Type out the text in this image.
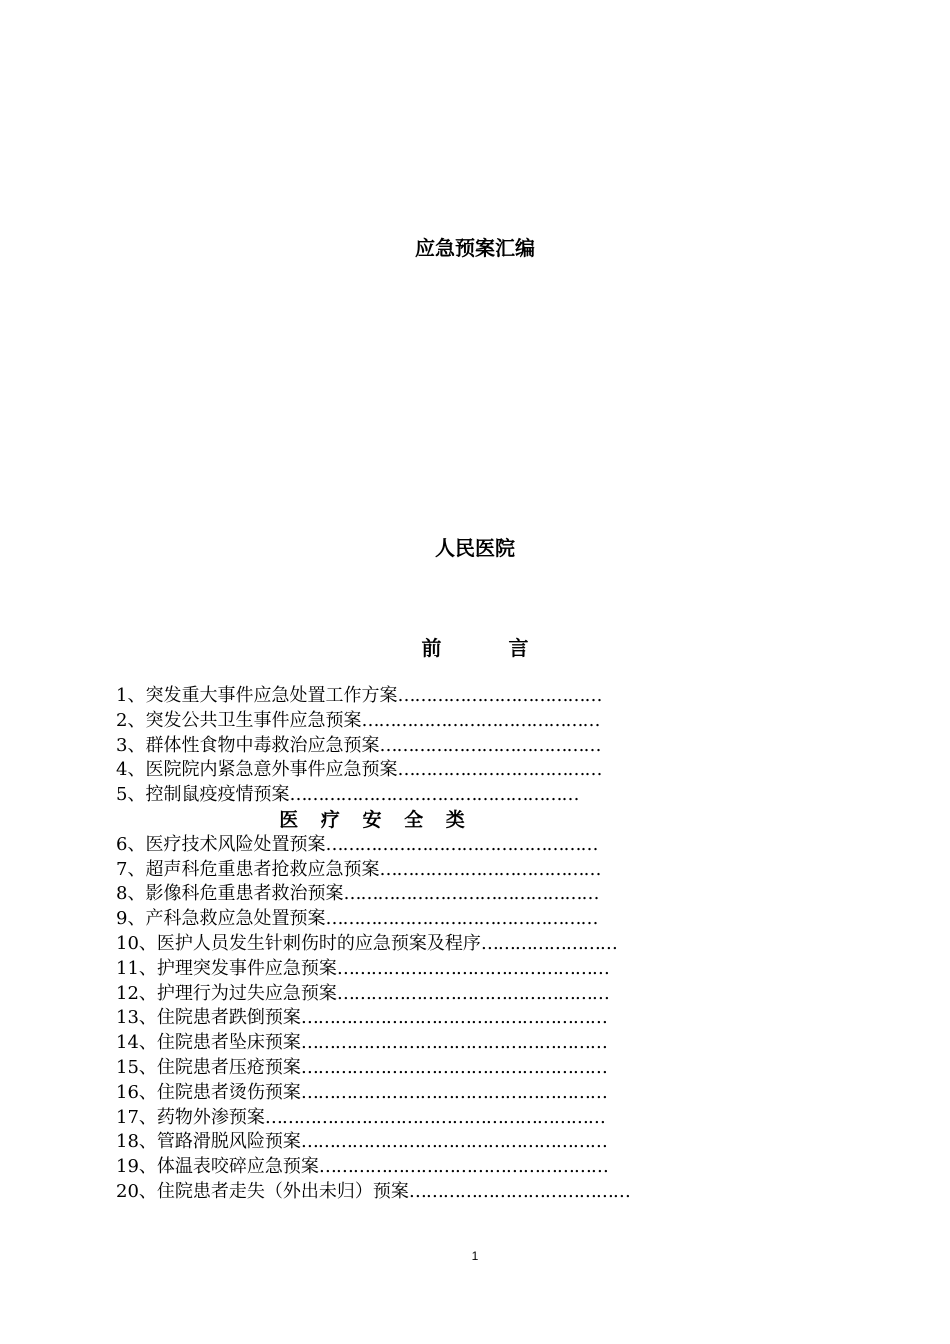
应急预案汇编
人民医院
前 言
1、突发重大事件应急处置工作方案………………………………
2、突发公共卫生事件应急预案……………………………………
3、群体性食物中毒救治应急预案…………………………………
4、医院院内紧急意外事件应急预案………………………………
5、控制鼠疫疫情预案……………………………………………
医 疗 安 全 类
6、医疗技术风险处置预案…………………………………………
7、超声科危重患者抢救应急预案…………………………………
8、影像科危重患者救治预案………………………………………
9、产科急救应急处置预案…………………………………………
10、医护人员发生针刺伤时的应急预案及程序……………………
11、护理突发事件应急预案…………………………………………
12、护理行为过失应急预案…………………………………………
13、住院患者跌倒预案………………………………………………
14、住院患者坠床预案………………………………………………
15、住院患者压疮预案………………………………………………
16、住院患者烫伤预案………………………………………………
17、药物外渗预案……………………………………………………
18、管路滑脱风险预案………………………………………………
19、体温表咬碎应急预案……………………………………………
20、住院患者走失（外出未归）预案…………………………………
1
